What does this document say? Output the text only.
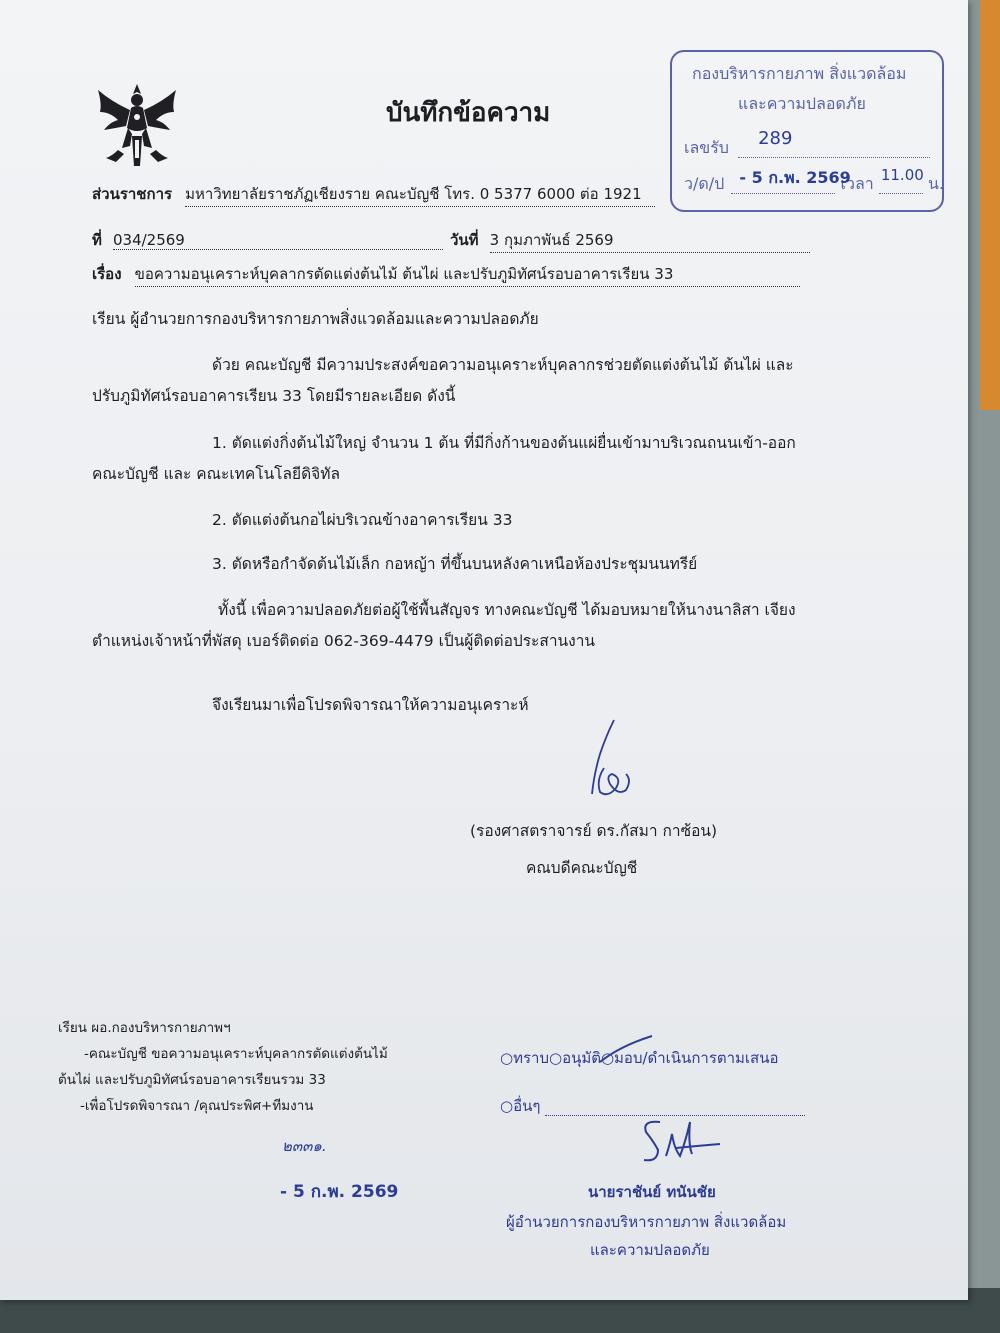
บันทึกข้อความ
ส่วนราชการ มหาวิทยาลัยราชภัฏเชียงราย คณะบัญชี โทร. 0 5377 6000 ต่อ 1921
ที่ 034/2569	วันที่ 3 กุมภาพันธ์ 2569
เรื่อง ขอความอนุเคราะห์บุคลากรตัดแต่งต้นไม้ ต้นไผ่ และปรับภูมิทัศน์รอบอาคารเรียน 33
เรียน ผู้อำนวยการกองบริหารกายภาพสิ่งแวดล้อมและความปลอดภัย
ด้วย คณะบัญชี มีความประสงค์ขอความอนุเคราะห์บุคลากรช่วยตัดแต่งต้นไม้ ต้นไผ่ และ
ปรับภูมิทัศน์รอบอาคารเรียน 33 โดยมีรายละเอียด ดังนี้
1. ตัดแต่งกิ่งต้นไม้ใหญ่ จำนวน 1 ต้น ที่มีกิ่งก้านของต้นแผ่ยื่นเข้ามาบริเวณถนนเข้า-ออก
คณะบัญชี และ คณะเทคโนโลยีดิจิทัล
2. ตัดแต่งต้นกอไผ่บริเวณข้างอาคารเรียน 33
3. ตัดหรือกำจัดต้นไม้เล็ก กอหญ้า ที่ขึ้นบนหลังคาเหนือห้องประชุมนนทรีย์
ทั้งนี้ เพื่อความปลอดภัยต่อผู้ใช้พื้นสัญจร ทางคณะบัญชี ได้มอบหมายให้นางนาลิสา เจียง
ตำแหน่งเจ้าหน้าที่พัสดุ เบอร์ติดต่อ 062-369-4479 เป็นผู้ติดต่อประสานงาน
จึงเรียนมาเพื่อโปรดพิจารณาให้ความอนุเคราะห์
(รองศาสตราจารย์ ดร.กัสมา กาซ้อน)
คณบดีคณะบัญชี
กองบริหารกายภาพ สิ่งแวดล้อม
และความปลอดภัย
เลขรับ 289

ว/ด/ป - 5 ก.พ. 2569
เวลา 11.00 น.
เรียน ผอ.กองบริหารกายภาพฯ
-คณะบัญชี ขอความอนุเคราะห์บุคลากรตัดแต่งต้นไม้
ต้นไผ่ และปรับภูมิทัศน์รอบอาคารเรียนรวม 33
-เพื่อโปรดพิจารณา /คุณประพิศ+ทีมงาน
๒๓๓๑.
- 5 ก.พ. 2569
○ทราบ○อนุมัติ○มอบ/ดำเนินการตามเสนอ
○อื่นๆ
นายราชันย์ ทนันชัย
ผู้อำนวยการกองบริหารกายภาพ สิ่งแวดล้อม
และความปลอดภัย
